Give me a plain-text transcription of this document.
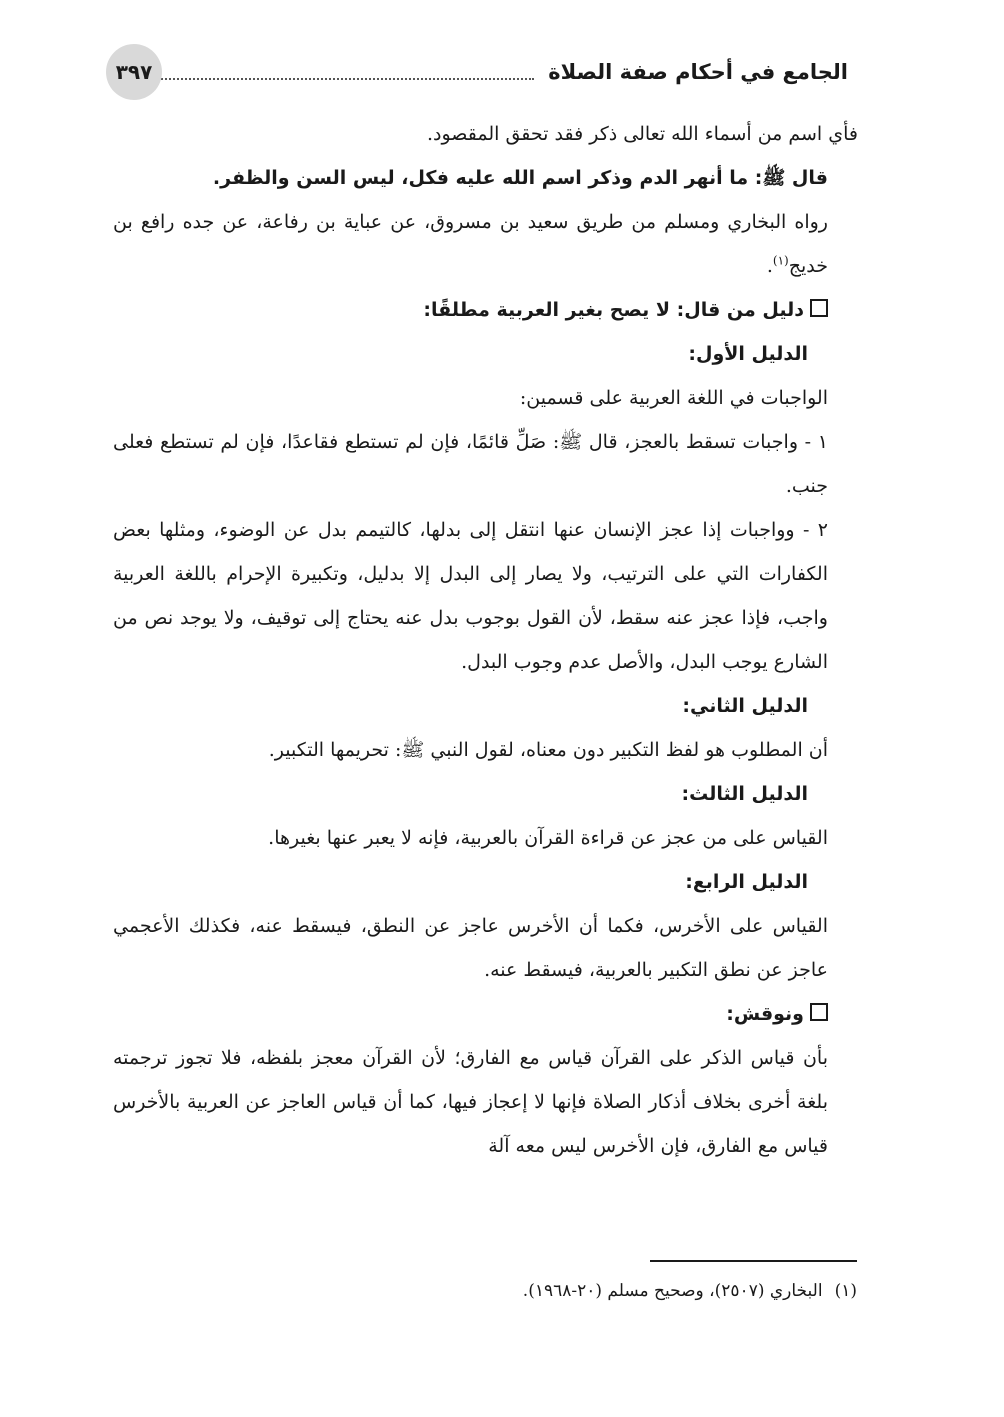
الجامع في أحكام صفة الصلاة
٣٩٧

فأي اسم من أسماء الله تعالى ذكر فقد تحقق المقصود.

قال ﷺ: ما أنهر الدم وذكر اسم الله عليه فكل، ليس السن والظفر.

رواه البخاري ومسلم من طريق سعيد بن مسروق، عن عباية بن رفاعة، عن جده رافع بن خديج$^{(١)}$.

دليل من قال: لا يصح بغير العربية مطلقًا:

الدليل الأول:

الواجبات في اللغة العربية على قسمين:

١ - واجبات تسقط بالعجز، قال ﷺ: صَلِّ قائمًا، فإن لم تستطع فقاعدًا، فإن لم تستطع فعلى جنب.

٢ - وواجبات إذا عجز الإنسان عنها انتقل إلى بدلها، كالتيمم بدل عن الوضوء، ومثلها بعض الكفارات التي على الترتيب، ولا يصار إلى البدل إلا بدليل، وتكبيرة الإحرام باللغة العربية واجب، فإذا عجز عنه سقط، لأن القول بوجوب بدل عنه يحتاج إلى توقيف، ولا يوجد نص من الشارع يوجب البدل، والأصل عدم وجوب البدل.

الدليل الثاني:

أن المطلوب هو لفظ التكبير دون معناه، لقول النبي ﷺ: تحريمها التكبير.

الدليل الثالث:

القياس على من عجز عن قراءة القرآن بالعربية، فإنه لا يعبر عنها بغيرها.

الدليل الرابع:

القياس على الأخرس، فكما أن الأخرس عاجز عن النطق، فيسقط عنه، فكذلك الأعجمي عاجز عن نطق التكبير بالعربية، فيسقط عنه.

ونوقش:

بأن قياس الذكر على القرآن قياس مع الفارق؛ لأن القرآن معجز بلفظه، فلا تجوز ترجمته بلغة أخرى بخلاف أذكار الصلاة فإنها لا إعجاز فيها، كما أن قياس العاجز عن العربية بالأخرس قياس مع الفارق، فإن الأخرس ليس معه آلة

(١)البخاري (٢٥٠٧)، وصحيح مسلم (٢٠-١٩٦٨).
